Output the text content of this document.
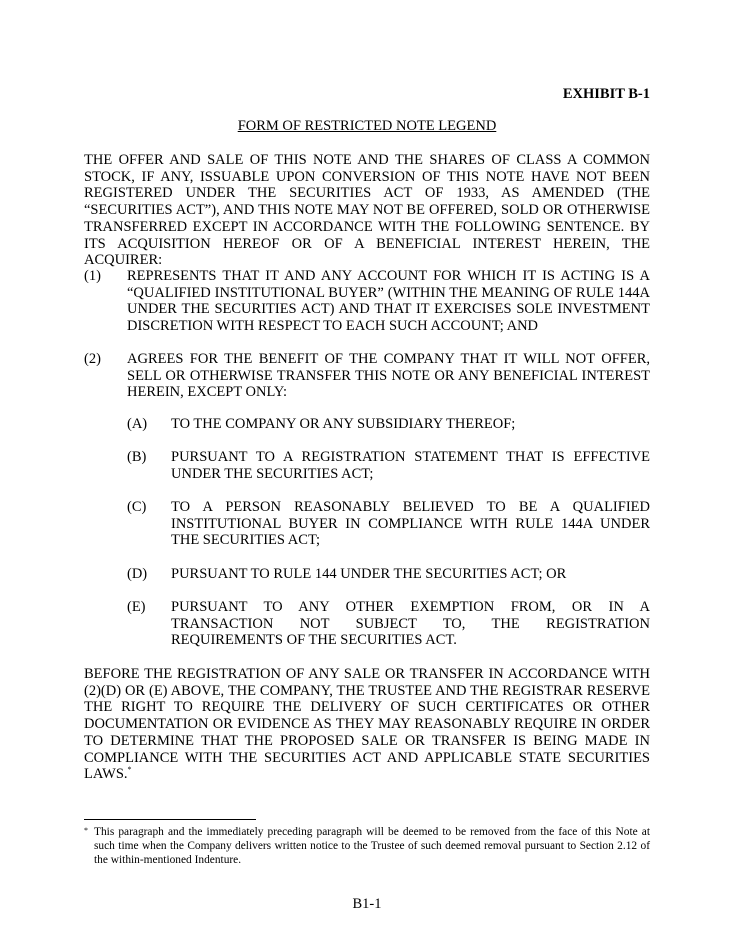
EXHIBIT B-1
FORM OF RESTRICTED NOTE LEGEND
THE OFFER AND SALE OF THIS NOTE AND THE SHARES OF CLASS A COMMON STOCK, IF ANY, ISSUABLE UPON CONVERSION OF THIS NOTE HAVE NOT BEEN REGISTERED UNDER THE SECURITIES ACT OF 1933, AS AMENDED (THE “SECURITIES ACT”), AND THIS NOTE MAY NOT BE OFFERED, SOLD OR OTHERWISE TRANSFERRED EXCEPT IN ACCORDANCE WITH THE FOLLOWING SENTENCE. BY ITS ACQUISITION HEREOF OR OF A BENEFICIAL INTEREST HEREIN, THE ACQUIRER:
(1) REPRESENTS THAT IT AND ANY ACCOUNT FOR WHICH IT IS ACTING IS A “QUALIFIED INSTITUTIONAL BUYER” (WITHIN THE MEANING OF RULE 144A UNDER THE SECURITIES ACT) AND THAT IT EXERCISES SOLE INVESTMENT DISCRETION WITH RESPECT TO EACH SUCH ACCOUNT; AND
(2) AGREES FOR THE BENEFIT OF THE COMPANY THAT IT WILL NOT OFFER, SELL OR OTHERWISE TRANSFER THIS NOTE OR ANY BENEFICIAL INTEREST HEREIN, EXCEPT ONLY:
(A) TO THE COMPANY OR ANY SUBSIDIARY THEREOF;
(B) PURSUANT TO A REGISTRATION STATEMENT THAT IS EFFECTIVE UNDER THE SECURITIES ACT;
(C) TO A PERSON REASONABLY BELIEVED TO BE A QUALIFIED INSTITUTIONAL BUYER IN COMPLIANCE WITH RULE 144A UNDER THE SECURITIES ACT;
(D) PURSUANT TO RULE 144 UNDER THE SECURITIES ACT; OR
(E) PURSUANT TO ANY OTHER EXEMPTION FROM, OR IN A TRANSACTION NOT SUBJECT TO, THE REGISTRATION REQUIREMENTS OF THE SECURITIES ACT.
BEFORE THE REGISTRATION OF ANY SALE OR TRANSFER IN ACCORDANCE WITH (2)(D) OR (E) ABOVE, THE COMPANY, THE TRUSTEE AND THE REGISTRAR RESERVE THE RIGHT TO REQUIRE THE DELIVERY OF SUCH CERTIFICATES OR OTHER DOCUMENTATION OR EVIDENCE AS THEY MAY REASONABLY REQUIRE IN ORDER TO DETERMINE THAT THE PROPOSED SALE OR TRANSFER IS BEING MADE IN COMPLIANCE WITH THE SECURITIES ACT AND APPLICABLE STATE SECURITIES LAWS.*
* This paragraph and the immediately preceding paragraph will be deemed to be removed from the face of this Note at such time when the Company delivers written notice to the Trustee of such deemed removal pursuant to Section 2.12 of the within-mentioned Indenture.
B1-1
